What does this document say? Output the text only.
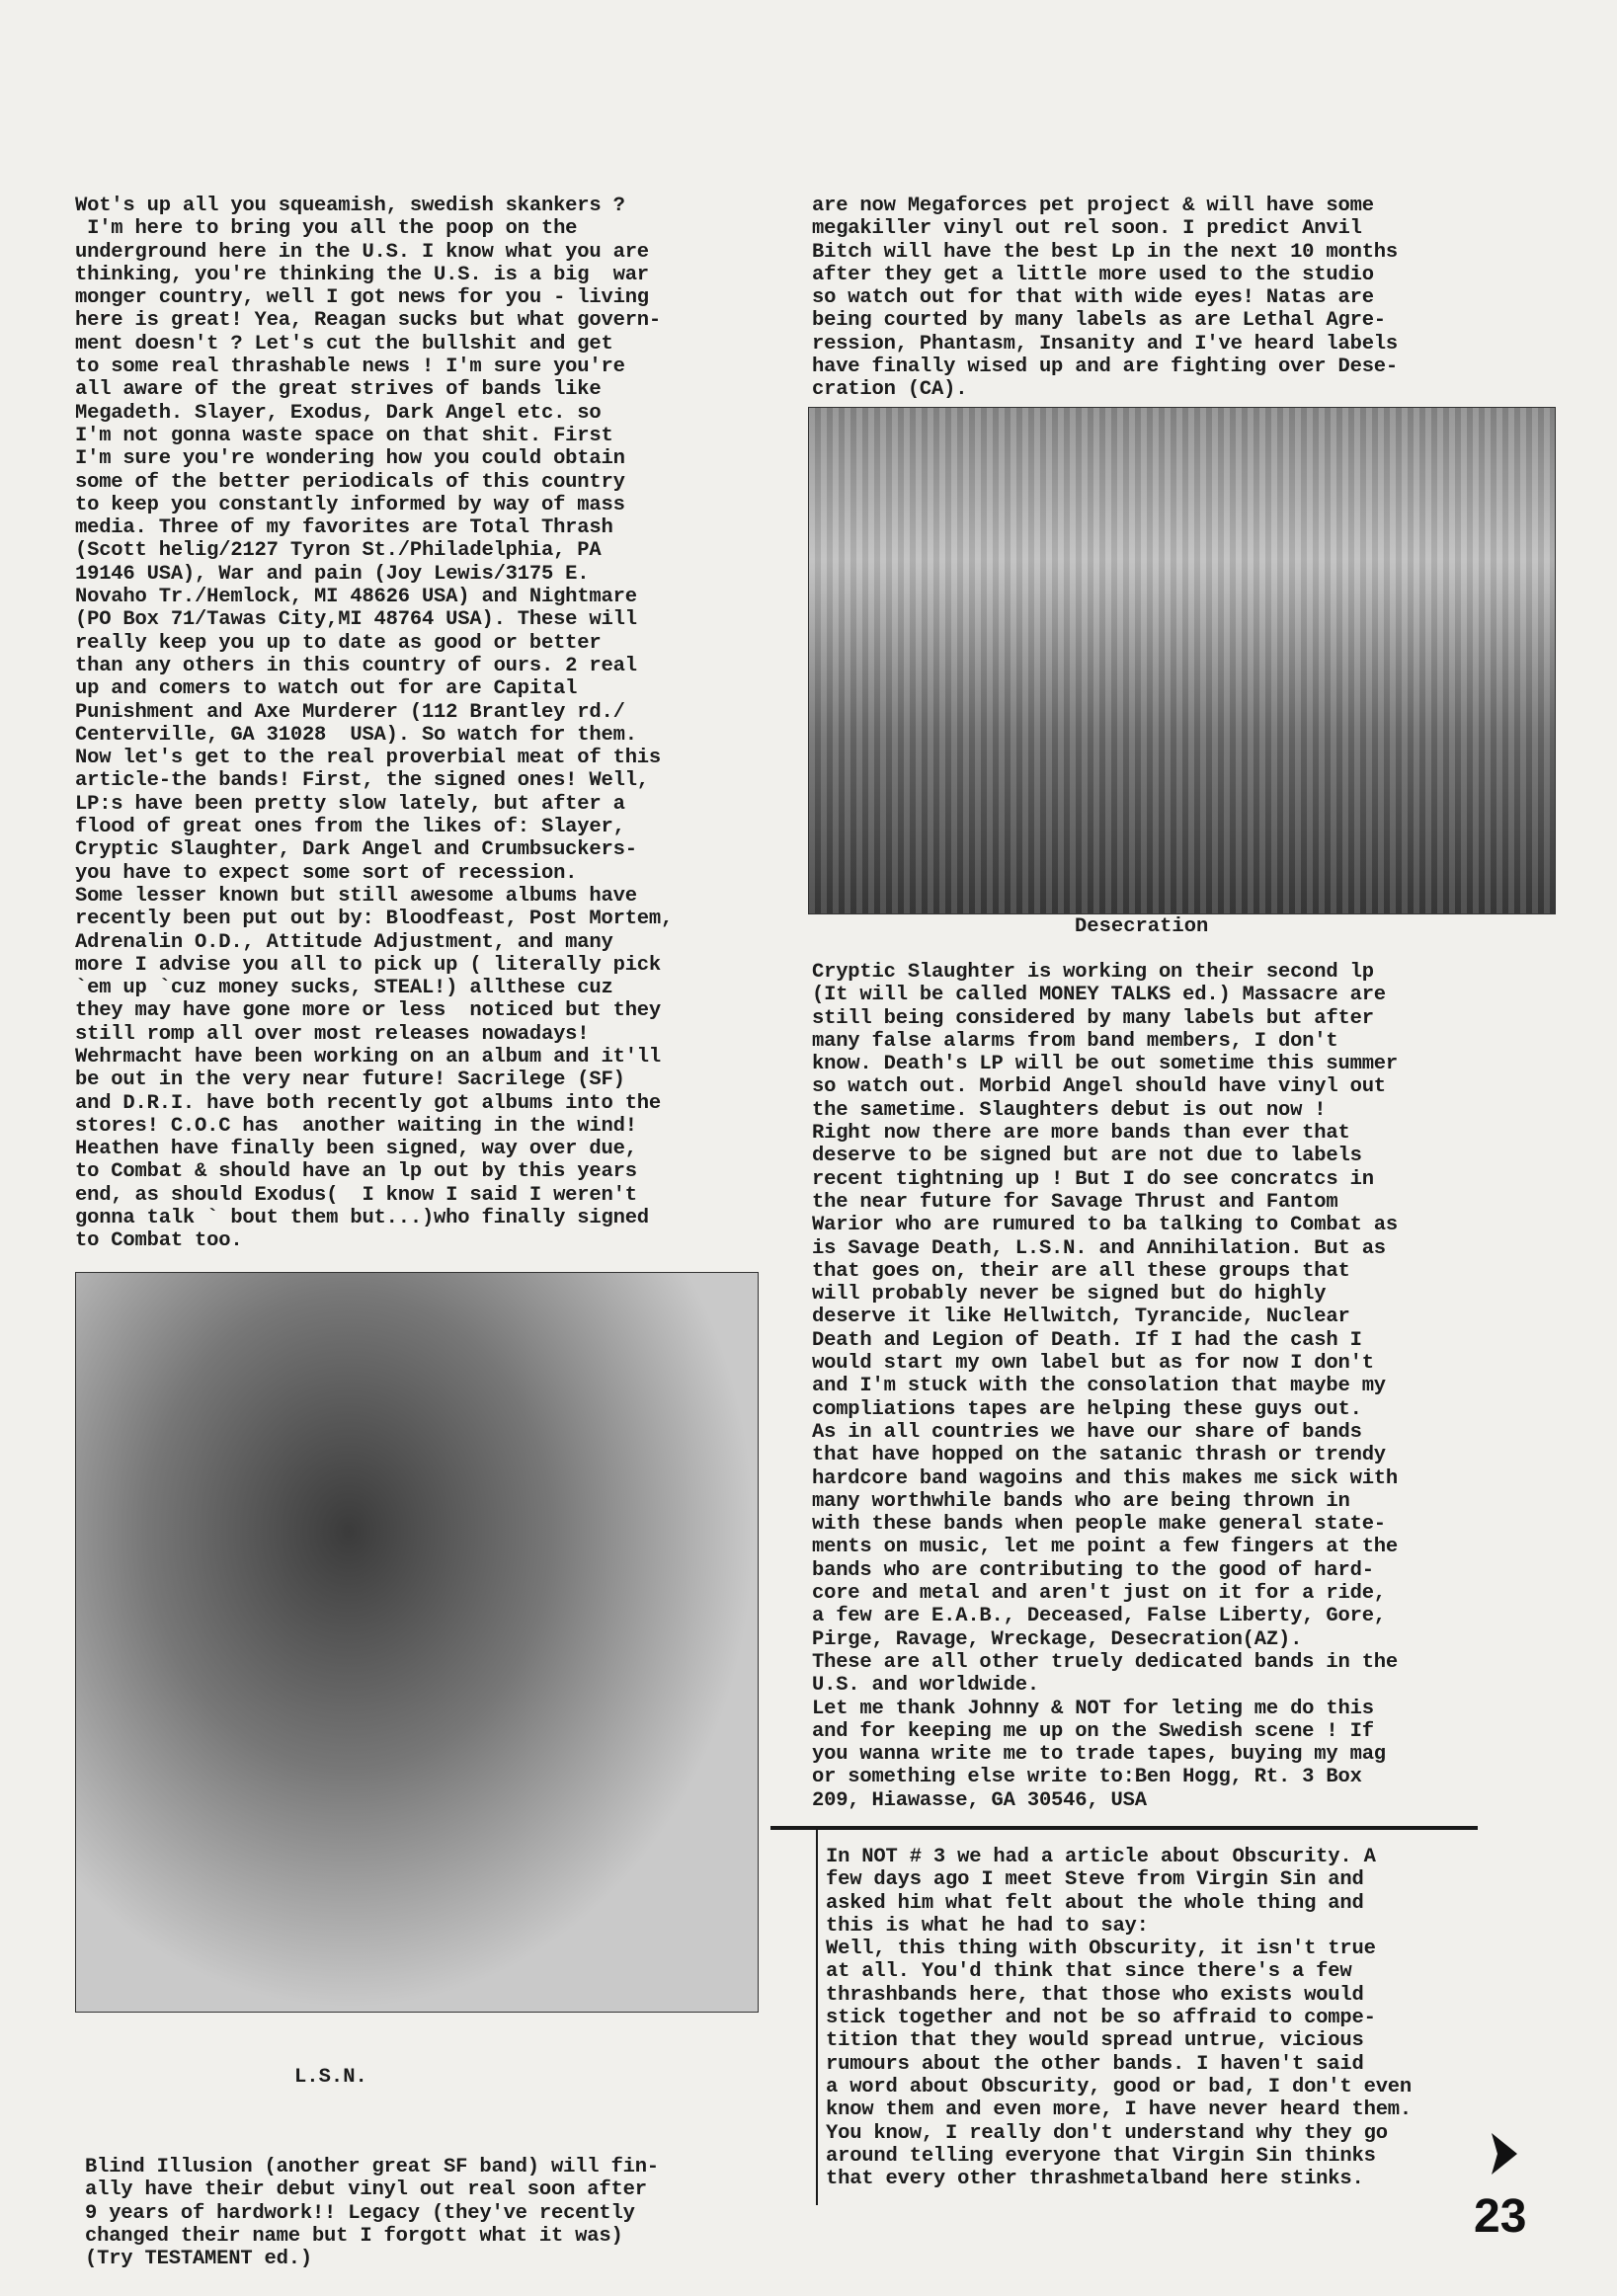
Wot's up all you squeamish, swedish skankers ?
I'm here to bring you all the poop on the
underground here in the U.S. I know what you are
thinking, you're thinking the U.S. is a big  war
monger country, well I got news for you - living
here is great! Yea, Reagan sucks but what govern-
ment doesn't ? Let's cut the bullshit and get
to some real thrashable news ! I'm sure you're
all aware of the great strives of bands like
Megadeth. Slayer, Exodus, Dark Angel etc. so
I'm not gonna waste space on that shit. First
I'm sure you're wondering how you could obtain
some of the better periodicals of this country
to keep you constantly informed by way of mass
media. Three of my favorites are Total Thrash
(Scott helig/2127 Tyron St./Philadelphia, PA
19146 USA), War and pain (Joy Lewis/3175 E.
Novaho Tr./Hemlock, MI 48626 USA) and Nightmare
(PO Box 71/Tawas City,MI 48764 USA). These will
really keep you up to date as good or better
than any others in this country of ours. 2 real
up and comers to watch out for are Capital
Punishment and Axe Murderer (112 Brantley rd./
Centerville, GA 31028  USA). So watch for them.
Now let's get to the real proverbial meat of this
article-the bands! First, the signed ones! Well,
LP:s have been pretty slow lately, but after a
flood of great ones from the likes of: Slayer,
Cryptic Slaughter, Dark Angel and Crumbsuckers-
you have to expect some sort of recession.
Some lesser known but still awesome albums have
recently been put out by: Bloodfeast, Post Mortem,
Adrenalin O.D., Attitude Adjustment, and many
more I advise you all to pick up ( literally pick
`em up `cuz money sucks, STEAL!) allthese cuz
they may have gone more or less  noticed but they
still romp all over most releases nowadays!
Wehrmacht have been working on an album and it'll
be out in the very near future! Sacrilege (SF)
and D.R.I. have both recently got albums into the
stores! C.O.C has  another waiting in the wind!
Heathen have finally been signed, way over due,
to Combat & should have an lp out by this years
end, as should Exodus(  I know I said I weren't
gonna talk ` bout them but...)who finally signed
to Combat too.
Desecration
L.S.N.
Blind Illusion (another great SF band) will fin-
ally have their debut vinyl out real soon after
9 years of hardwork!! Legacy (they've recently
changed their name but I forgott what it was)
(Try TESTAMENT ed.)
are now Megaforces pet project & will have some
megakiller vinyl out rel soon. I predict Anvil
Bitch will have the best Lp in the next 10 months
after they get a little more used to the studio
so watch out for that with wide eyes! Natas are
being courted by many labels as are Lethal Agre-
ression, Phantasm, Insanity and I've heard labels
have finally wised up and are fighting over Dese-
cration (CA).
Cryptic Slaughter is working on their second lp
(It will be called MONEY TALKS ed.) Massacre are
still being considered by many labels but after
many false alarms from band members, I don't
know. Death's LP will be out sometime this summer
so watch out. Morbid Angel should have vinyl out
the sametime. Slaughters debut is out now !
Right now there are more bands than ever that
deserve to be signed but are not due to labels
recent tightning up ! But I do see concratcs in
the near future for Savage Thrust and Fantom
Warior who are rumured to ba talking to Combat as
is Savage Death, L.S.N. and Annihilation. But as
that goes on, their are all these groups that
will probably never be signed but do highly
deserve it like Hellwitch, Tyrancide, Nuclear
Death and Legion of Death. If I had the cash I
would start my own label but as for now I don't
and I'm stuck with the consolation that maybe my
compliations tapes are helping these guys out.
As in all countries we have our share of bands
that have hopped on the satanic thrash or trendy
hardcore band wagoins and this makes me sick with
many worthwhile bands who are being thrown in
with these bands when people make general state-
ments on music, let me point a few fingers at the
bands who are contributing to the good of hard-
core and metal and aren't just on it for a ride,
a few are E.A.B., Deceased, False Liberty, Gore,
Pirge, Ravage, Wreckage, Desecration(AZ).
These are all other truely dedicated bands in the
U.S. and worldwide.
Let me thank Johnny & NOT for leting me do this
and for keeping me up on the Swedish scene ! If
you wanna write me to trade tapes, buying my mag
or something else write to:Ben Hogg, Rt. 3 Box
209, Hiawasse, GA 30546, USA
In NOT # 3 we had a article about Obscurity. A
few days ago I meet Steve from Virgin Sin and
asked him what felt about the whole thing and
this is what he had to say:
Well, this thing with Obscurity, it isn't true
at all. You'd think that since there's a few
thrashbands here, that those who exists would
stick together and not be so affraid to compe-
tition that they would spread untrue, vicious
rumours about the other bands. I haven't said
a word about Obscurity, good or bad, I don't even
know them and even more, I have never heard them.
You know, I really don't understand why they go
around telling everyone that Virgin Sin thinks
that every other thrashmetalband here stinks.
23
